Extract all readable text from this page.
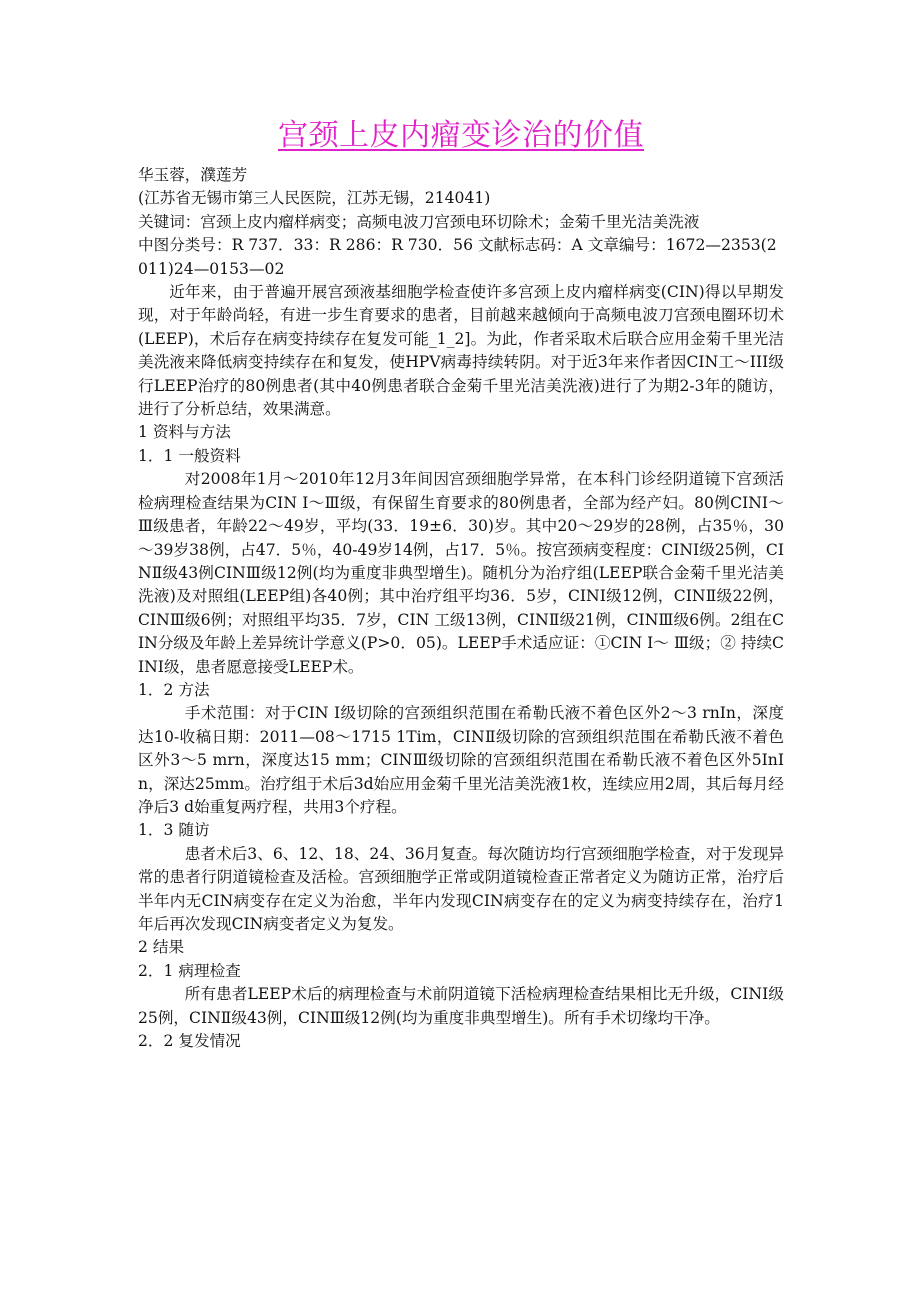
宫颈上皮内瘤变诊治的价值

华玉蓉，濮莲芳

(江苏省无锡市第三人民医院，江苏无锡，214041)

关键词：宫颈上皮内瘤样病变；高频电波刀宫颈电环切除术；金菊千里光洁美洗液

中图分类号：R 737．33：R 286：R 730．56 文献标志码：A 文章编号：1672—2353(2011)24—0153—02

近年来，由于普遍开展宫颈液基细胞学检查使许多宫颈上皮内瘤样病变(CIN)得以早期发现，对于年龄尚轻，有进一步生育要求的患者，目前越来越倾向于高频电波刀宫颈电圈环切术(LEEP)，术后存在病变持续存在复发可能_1_2]。为此，作者采取术后联合应用金菊千里光洁美洗液来降低病变持续存在和复发，使HPV病毒持续转阴。对于近3年来作者因CIN工～III级行LEEP治疗的80例患者(其中40例患者联合金菊千里光洁美洗液)进行了为期2-3年的随访，进行了分析总结，效果满意。

1 资料与方法

1．1 一般资料

对2008年1月～2010年12月3年间因宫颈细胞学异常，在本科门诊经阴道镜下宫颈活检病理检查结果为CIN I～Ⅲ级，有保留生育要求的80例患者，全部为经产妇。80例CINI～Ⅲ级患者，年龄22～49岁，平均(33．19±6．30)岁。其中20～29岁的28例，占35％，30～39岁38例，占47．5％，40-49岁14例，占17．5％。按宫颈病变程度：CINⅠ级25例，CINⅡ级43例CINⅢ级12例(均为重度非典型增生)。随机分为治疗组(LEEP联合金菊千里光洁美洗液)及对照组(LEEP组)各40例；其中治疗组平均36．5岁，CINI级12例，CINⅡ级22例，CINⅢ级6例；对照组平均35．7岁，CIN 工级13例，CINⅡ级21例，CINⅢ级6例。2组在CIN分级及年龄上差异统计学意义(P>0．05)。LEEP手术适应证：①CIN I～ Ⅲ级；② 持续CINI级，患者愿意接受LEEP术。

1．2 方法

手术范围：对于CIN I级切除的宫颈组织范围在希勒氏液不着色区外2～3 rnIn，深度达10-收稿日期：2011—08～1715 1Tim，CINⅡ级切除的宫颈组织范围在希勒氏液不着色区外3～5 mrn，深度达15 mm；CINⅢ级切除的宫颈组织范围在希勒氏液不着色区外5InIn，深达25mm。治疗组于术后3d始应用金菊千里光洁美洗液1枚，连续应用2周，其后每月经净后3 d始重复两疗程，共用3个疗程。

1．3 随访

患者术后3、6、12、18、24、36月复查。每次随访均行宫颈细胞学检查，对于发现异常的患者行阴道镜检查及活检。宫颈细胞学正常或阴道镜检查正常者定义为随访正常，治疗后半年内无CIN病变存在定义为治愈，半年内发现CIN病变存在的定义为病变持续存在，治疗1年后再次发现CIN病变者定义为复发。

2 结果

2．1 病理检查

所有患者LEEP术后的病理检查与术前阴道镜下活检病理检查结果相比无升级，CINⅠ级25例，CINⅡ级43例，CINⅢ级12例(均为重度非典型增生)。所有手术切缘均干净。

2．2 复发情况
